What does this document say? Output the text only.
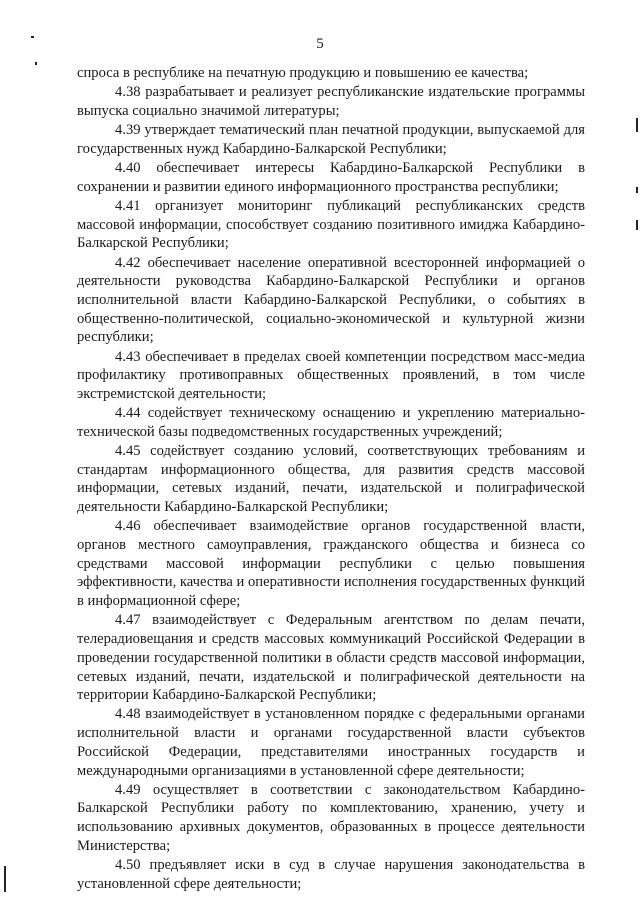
5

спроса в республике на печатную продукцию и повышению ее качества;

4.38 разрабатывает и реализует республиканские издательские программы выпуска социально значимой литературы;

4.39 утверждает тематический план печатной продукции, выпускаемой для государственных нужд Кабардино-Балкарской Республики;

4.40 обеспечивает интересы Кабардино-Балкарской Республики в сохранении и развитии единого информационного пространства республики;

4.41 организует мониторинг публикаций республиканских средств массовой информации, способствует созданию позитивного имиджа Кабардино-Балкарской Республики;

4.42 обеспечивает население оперативной всесторонней информацией о деятельности руководства Кабардино-Балкарской Республики и органов исполнительной власти Кабардино-Балкарской Республики, о событиях в общественно-политической, социально-экономической и культурной жизни республики;

4.43 обеспечивает в пределах своей компетенции посредством масс-медиа профилактику противоправных общественных проявлений, в том числе экстремистской деятельности;

4.44 содействует техническому оснащению и укреплению материально-технической базы подведомственных государственных учреждений;

4.45 содействует созданию условий, соответствующих требованиям и стандартам информационного общества, для развития средств массовой информации, сетевых изданий, печати, издательской и полиграфической деятельности Кабардино-Балкарской Республики;

4.46 обеспечивает взаимодействие органов государственной власти, органов местного самоуправления, гражданского общества и бизнеса со средствами массовой информации республики с целью повышения эффективности, качества и оперативности исполнения государственных функций в информационной сфере;

4.47 взаимодействует с Федеральным агентством по делам печати, телерадиовещания и средств массовых коммуникаций Российской Федерации в проведении государственной политики в области средств массовой информации, сетевых изданий, печати, издательской и полиграфической деятельности на территории Кабардино-Балкарской Республики;

4.48 взаимодействует в установленном порядке с федеральными органами исполнительной власти и органами государственной власти субъектов Российской Федерации, представителями иностранных государств и международными организациями в установленной сфере деятельности;

4.49 осуществляет в соответствии с законодательством Кабардино-Балкарской Республики работу по комплектованию, хранению, учету и использованию архивных документов, образованных в процессе деятельности Министерства;

4.50 предъявляет иски в суд в случае нарушения законодательства в установленной сфере деятельности;
